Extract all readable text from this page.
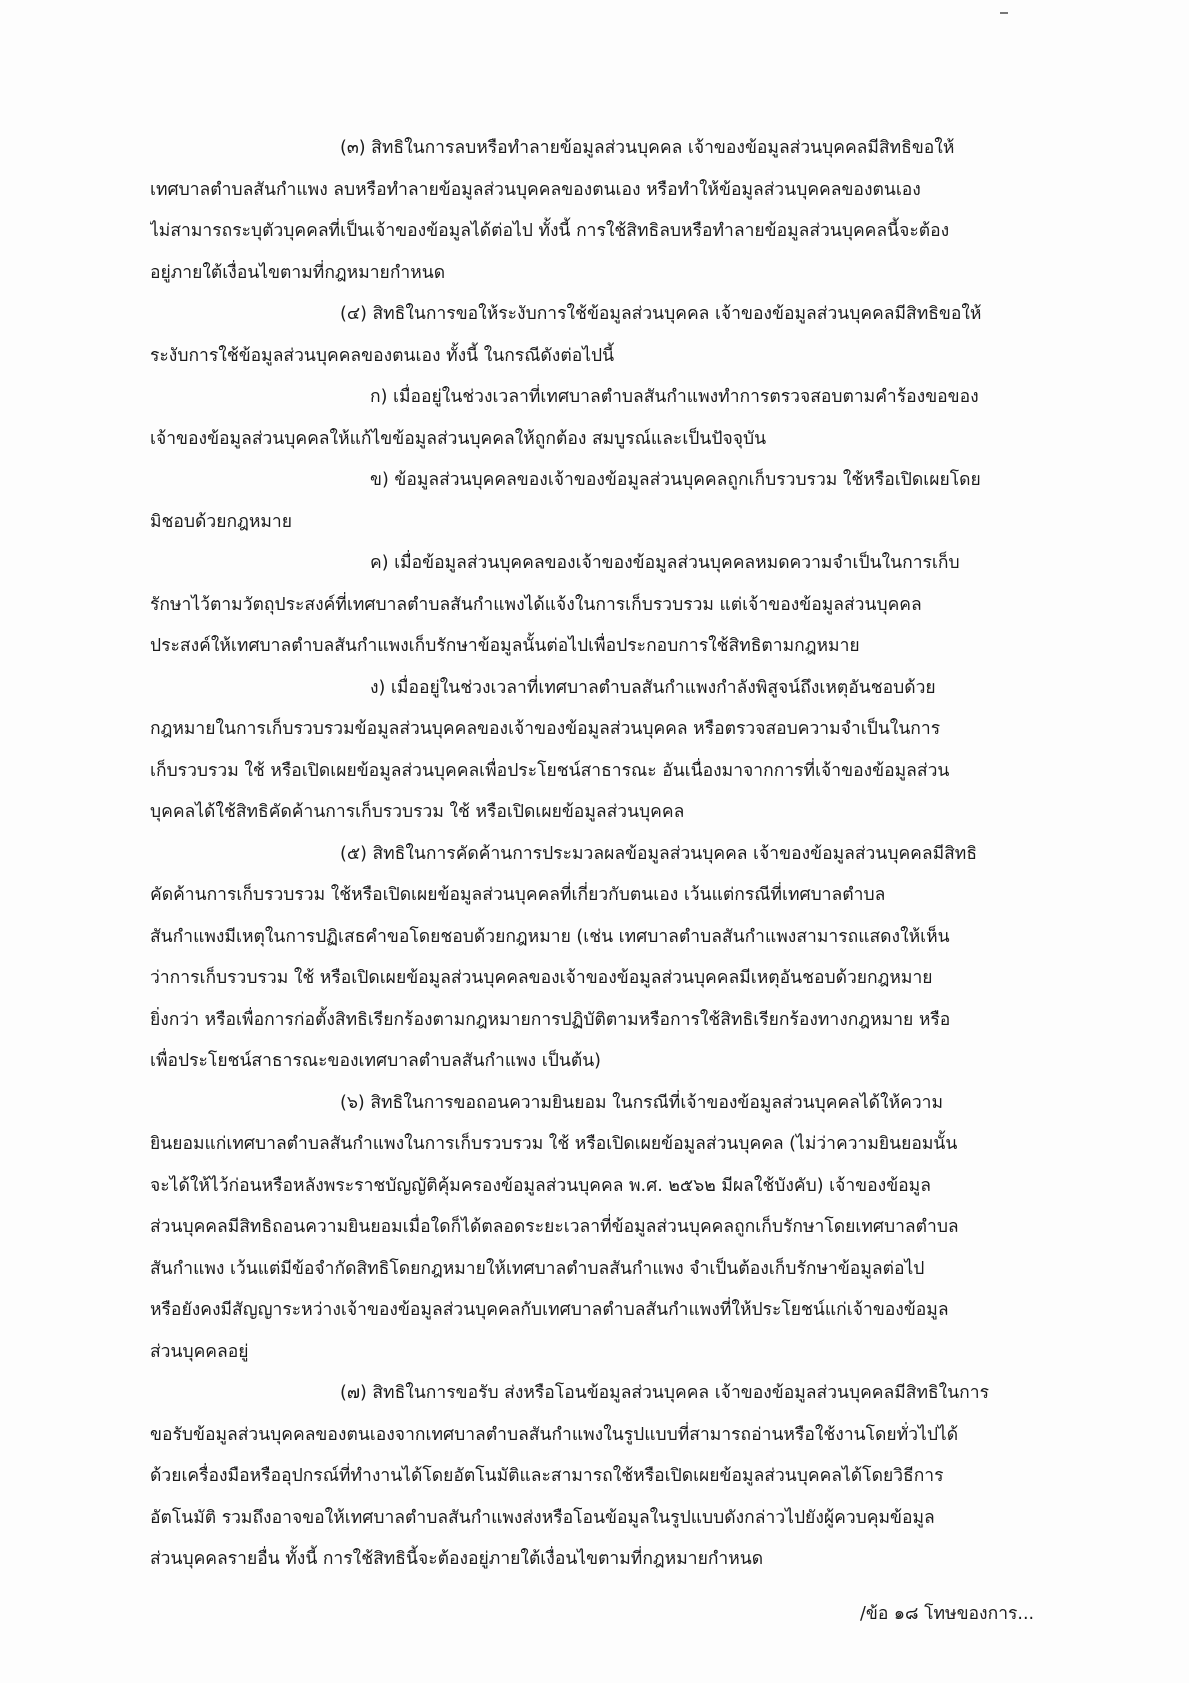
(๓) สิทธิในการลบหรือทำลายข้อมูลส่วนบุคคล เจ้าของข้อมูลส่วนบุคคลมีสิทธิขอให้
เทศบาลตำบลสันกำแพง ลบหรือทำลายข้อมูลส่วนบุคคลของตนเอง หรือทำให้ข้อมูลส่วนบุคคลของตนเอง
ไม่สามารถระบุตัวบุคคลที่เป็นเจ้าของข้อมูลได้ต่อไป ทั้งนี้ การใช้สิทธิลบหรือทำลายข้อมูลส่วนบุคคลนี้จะต้อง
อยู่ภายใต้เงื่อนไขตามที่กฎหมายกำหนด
(๔) สิทธิในการขอให้ระงับการใช้ข้อมูลส่วนบุคคล เจ้าของข้อมูลส่วนบุคคลมีสิทธิขอให้
ระงับการใช้ข้อมูลส่วนบุคคลของตนเอง ทั้งนี้ ในกรณีดังต่อไปนี้
ก) เมื่ออยู่ในช่วงเวลาที่เทศบาลตำบลสันกำแพงทำการตรวจสอบตามคำร้องขอของ
เจ้าของข้อมูลส่วนบุคคลให้แก้ไขข้อมูลส่วนบุคคลให้ถูกต้อง สมบูรณ์และเป็นปัจจุบัน
ข) ข้อมูลส่วนบุคคลของเจ้าของข้อมูลส่วนบุคคลถูกเก็บรวบรวม ใช้หรือเปิดเผยโดย
มิชอบด้วยกฎหมาย
ค) เมื่อข้อมูลส่วนบุคคลของเจ้าของข้อมูลส่วนบุคคลหมดความจำเป็นในการเก็บ
รักษาไว้ตามวัตถุประสงค์ที่เทศบาลตำบลสันกำแพงได้แจ้งในการเก็บรวบรวม แต่เจ้าของข้อมูลส่วนบุคคล
ประสงค์ให้เทศบาลตำบลสันกำแพงเก็บรักษาข้อมูลนั้นต่อไปเพื่อประกอบการใช้สิทธิตามกฎหมาย
ง) เมื่ออยู่ในช่วงเวลาที่เทศบาลตำบลสันกำแพงกำลังพิสูจน์ถึงเหตุอันชอบด้วย
กฎหมายในการเก็บรวบรวมข้อมูลส่วนบุคคลของเจ้าของข้อมูลส่วนบุคคล หรือตรวจสอบความจำเป็นในการ
เก็บรวบรวม ใช้ หรือเปิดเผยข้อมูลส่วนบุคคลเพื่อประโยชน์สาธารณะ อันเนื่องมาจากการที่เจ้าของข้อมูลส่วน
บุคคลได้ใช้สิทธิคัดค้านการเก็บรวบรวม ใช้ หรือเปิดเผยข้อมูลส่วนบุคคล
(๕) สิทธิในการคัดค้านการประมวลผลข้อมูลส่วนบุคคล เจ้าของข้อมูลส่วนบุคคลมีสิทธิ
คัดค้านการเก็บรวบรวม ใช้หรือเปิดเผยข้อมูลส่วนบุคคลที่เกี่ยวกับตนเอง เว้นแต่กรณีที่เทศบาลตำบล
สันกำแพงมีเหตุในการปฏิเสธคำขอโดยชอบด้วยกฎหมาย (เช่น เทศบาลตำบลสันกำแพงสามารถแสดงให้เห็น
ว่าการเก็บรวบรวม ใช้ หรือเปิดเผยข้อมูลส่วนบุคคลของเจ้าของข้อมูลส่วนบุคคลมีเหตุอันชอบด้วยกฎหมาย
ยิ่งกว่า หรือเพื่อการก่อตั้งสิทธิเรียกร้องตามกฎหมายการปฏิบัติตามหรือการใช้สิทธิเรียกร้องทางกฎหมาย หรือ
เพื่อประโยชน์สาธารณะของเทศบาลตำบลสันกำแพง เป็นต้น)
(๖) สิทธิในการขอถอนความยินยอม ในกรณีที่เจ้าของข้อมูลส่วนบุคคลได้ให้ความ
ยินยอมแก่เทศบาลตำบลสันกำแพงในการเก็บรวบรวม ใช้ หรือเปิดเผยข้อมูลส่วนบุคคล (ไม่ว่าความยินยอมนั้น
จะได้ให้ไว้ก่อนหรือหลังพระราชบัญญัติคุ้มครองข้อมูลส่วนบุคคล พ.ศ. ๒๕๖๒ มีผลใช้บังคับ) เจ้าของข้อมูล
ส่วนบุคคลมีสิทธิถอนความยินยอมเมื่อใดก็ได้ตลอดระยะเวลาที่ข้อมูลส่วนบุคคลถูกเก็บรักษาโดยเทศบาลตำบล
สันกำแพง เว้นแต่มีข้อจำกัดสิทธิโดยกฎหมายให้เทศบาลตำบลสันกำแพง จำเป็นต้องเก็บรักษาข้อมูลต่อไป
หรือยังคงมีสัญญาระหว่างเจ้าของข้อมูลส่วนบุคคลกับเทศบาลตำบลสันกำแพงที่ให้ประโยชน์แก่เจ้าของข้อมูล
ส่วนบุคคลอยู่
(๗) สิทธิในการขอรับ ส่งหรือโอนข้อมูลส่วนบุคคล เจ้าของข้อมูลส่วนบุคคลมีสิทธิในการ
ขอรับข้อมูลส่วนบุคคลของตนเองจากเทศบาลตำบลสันกำแพงในรูปแบบที่สามารถอ่านหรือใช้งานโดยทั่วไปได้
ด้วยเครื่องมือหรืออุปกรณ์ที่ทำงานได้โดยอัตโนมัติและสามารถใช้หรือเปิดเผยข้อมูลส่วนบุคคลได้โดยวิธีการ
อัตโนมัติ รวมถึงอาจขอให้เทศบาลตำบลสันกำแพงส่งหรือโอนข้อมูลในรูปแบบดังกล่าวไปยังผู้ควบคุมข้อมูล
ส่วนบุคคลรายอื่น ทั้งนี้ การใช้สิทธินี้จะต้องอยู่ภายใต้เงื่อนไขตามที่กฎหมายกำหนด
/ข้อ ๑๘ โทษของการ...
